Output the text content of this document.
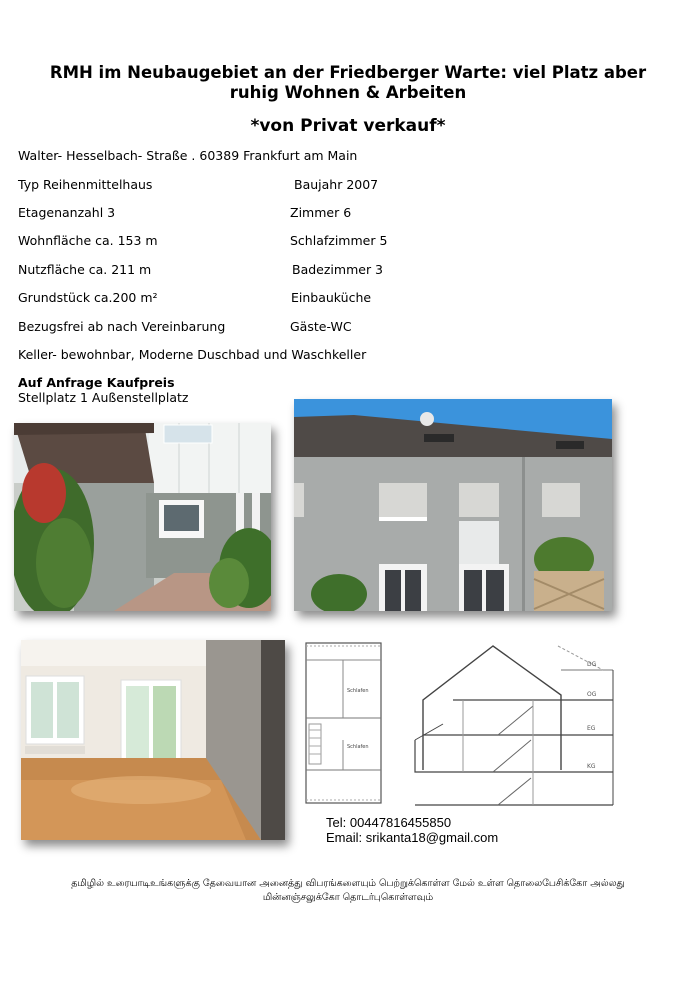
RMH im Neubaugebiet an der Friedberger Warte: viel Platz aber
ruhig Wohnen & Arbeiten
*von Privat verkauf*
Walter- Hesselbach- Straße . 60389 Frankfurt am Main
Typ Reihenmittelhaus	Baujahr 2007
Etagenanzahl 3	Zimmer 6
Wohnfläche ca. 153 m	Schlafzimmer 5
Nutzfläche ca. 211 m	Badezimmer 3
Grundstück ca.200 m²	Einbauküche
Bezugsfrei ab nach Vereinbarung	Gäste-WC
Keller- bewohnbar, Moderne Duschbad und Waschkeller
Auf Anfrage Kaufpreis
Stellplatz 1 Außenstellplatz
Schlafen
Schlafen
OG
EG
KG
DG
Tel: 00447816455850
Email: srikanta18@gmail.com
தமிழில் உரையாடிஉங்களுக்கு தேவையான அனைத்து விபரங்களையும் பெற்றுக்கொள்ள மேல் உள்ள தொலைபேசிக்கோ அல்லது
மின்னஞ்சலுக்கோ தொடர்புகொள்ளவும்
